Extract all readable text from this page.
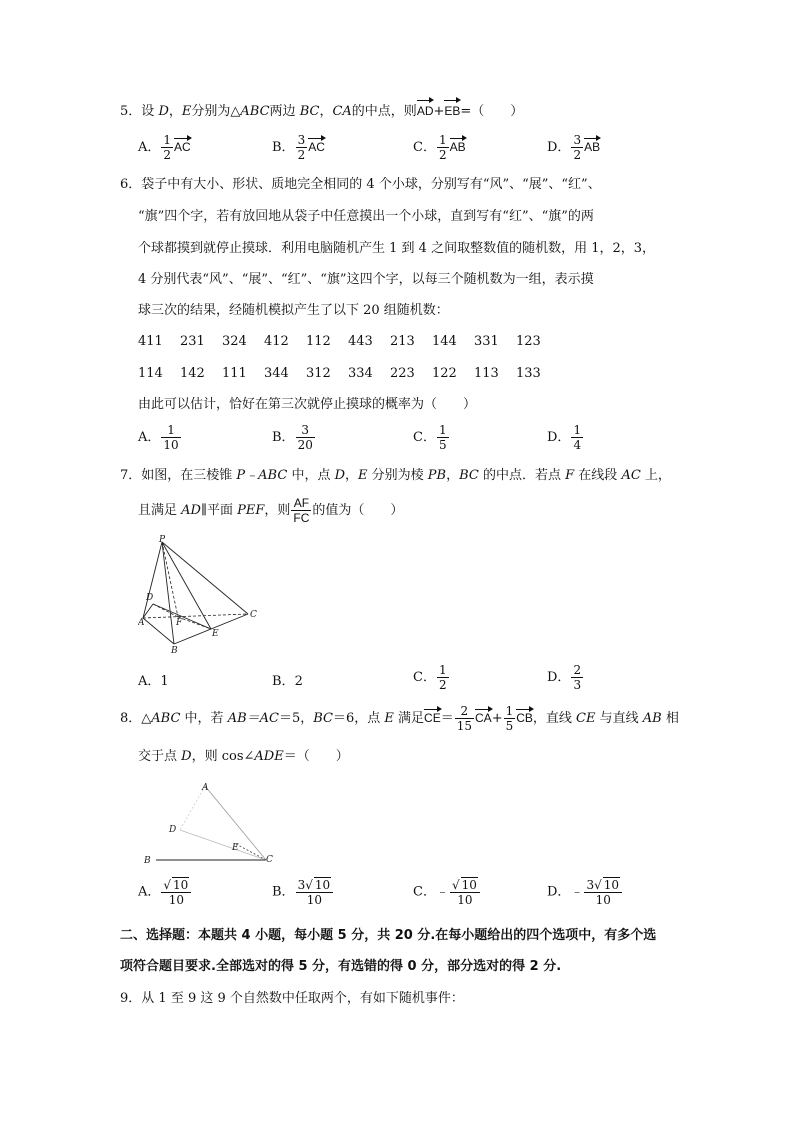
5．设 D，E分别为△ABC两边 BC，CA的中点，则AD+EB=（　　）
A． $\frac{1}{2}$ AC	B． $\frac{3}{2}$ AC	C． $\frac{1}{2}$ AB	D． $\frac{3}{2}$ AB
6．袋子中有大小、形状、质地完全相同的 4 个小球，分别写有“风”、“展”、“红”、
“旗”四个字，若有放回地从袋子中任意摸出一个小球，直到写有“红”、“旗”的两
个球都摸到就停止摸球．利用电脑随机产生 1 到 4 之间取整数值的随机数，用 1，2，3，
4 分别代表“风”、“展”、“红”、“旗”这四个字，以每三个随机数为一组，表示摸
球三次的结果，经随机模拟产生了以下 20 组随机数：
411 231 324 412 112 443 213 144 331 123
114 142 111 344 312 334 223 122 113 133
由此可以估计，恰好在第三次就停止摸球的概率为（　　）
A． $\frac{1}{10}$	B． $\frac{3}{20}$	C． $\frac{1}{5}$	D． $\frac{1}{4}$
7．如图，在三棱锥 P﹣ABC 中，点 D，E 分别为棱 PB，BC 的中点．若点 F 在线段 AC 上，
且满足 AD∥平面 PEF，则 $\frac{AF}{FC}$ 的值为（　　）
P
D
A	F
E
C
B
A．1	B．2	C． $\frac{1}{2}$	D． $\frac{2}{3}$
8．△ABC 中，若 AB＝AC＝5，BC＝6，点 E 满足$CE= \frac{2}{15} CA+ \frac{1}{5}$ CB，直线 CE 与直线 AB 相
交于点 D，则 cos∠ADE＝（　　）
A
D
E
B	C
A． $\frac{√ 10}{10}$	B． $\frac{3√ 10}{10}$	C．﹣ $\frac{√ 10}{10}$	D．﹣ $\frac{3√ 10}{10}$
二、选择题：本题共 4 小题，每小题 5 分，共 20 分.在每小题给出的四个选项中，有多个选
项符合题目要求.全部选对的得 5 分，有选错的得 0 分，部分选对的得 2 分.
9．从 1 至 9 这 9 个自然数中任取两个，有如下随机事件：
